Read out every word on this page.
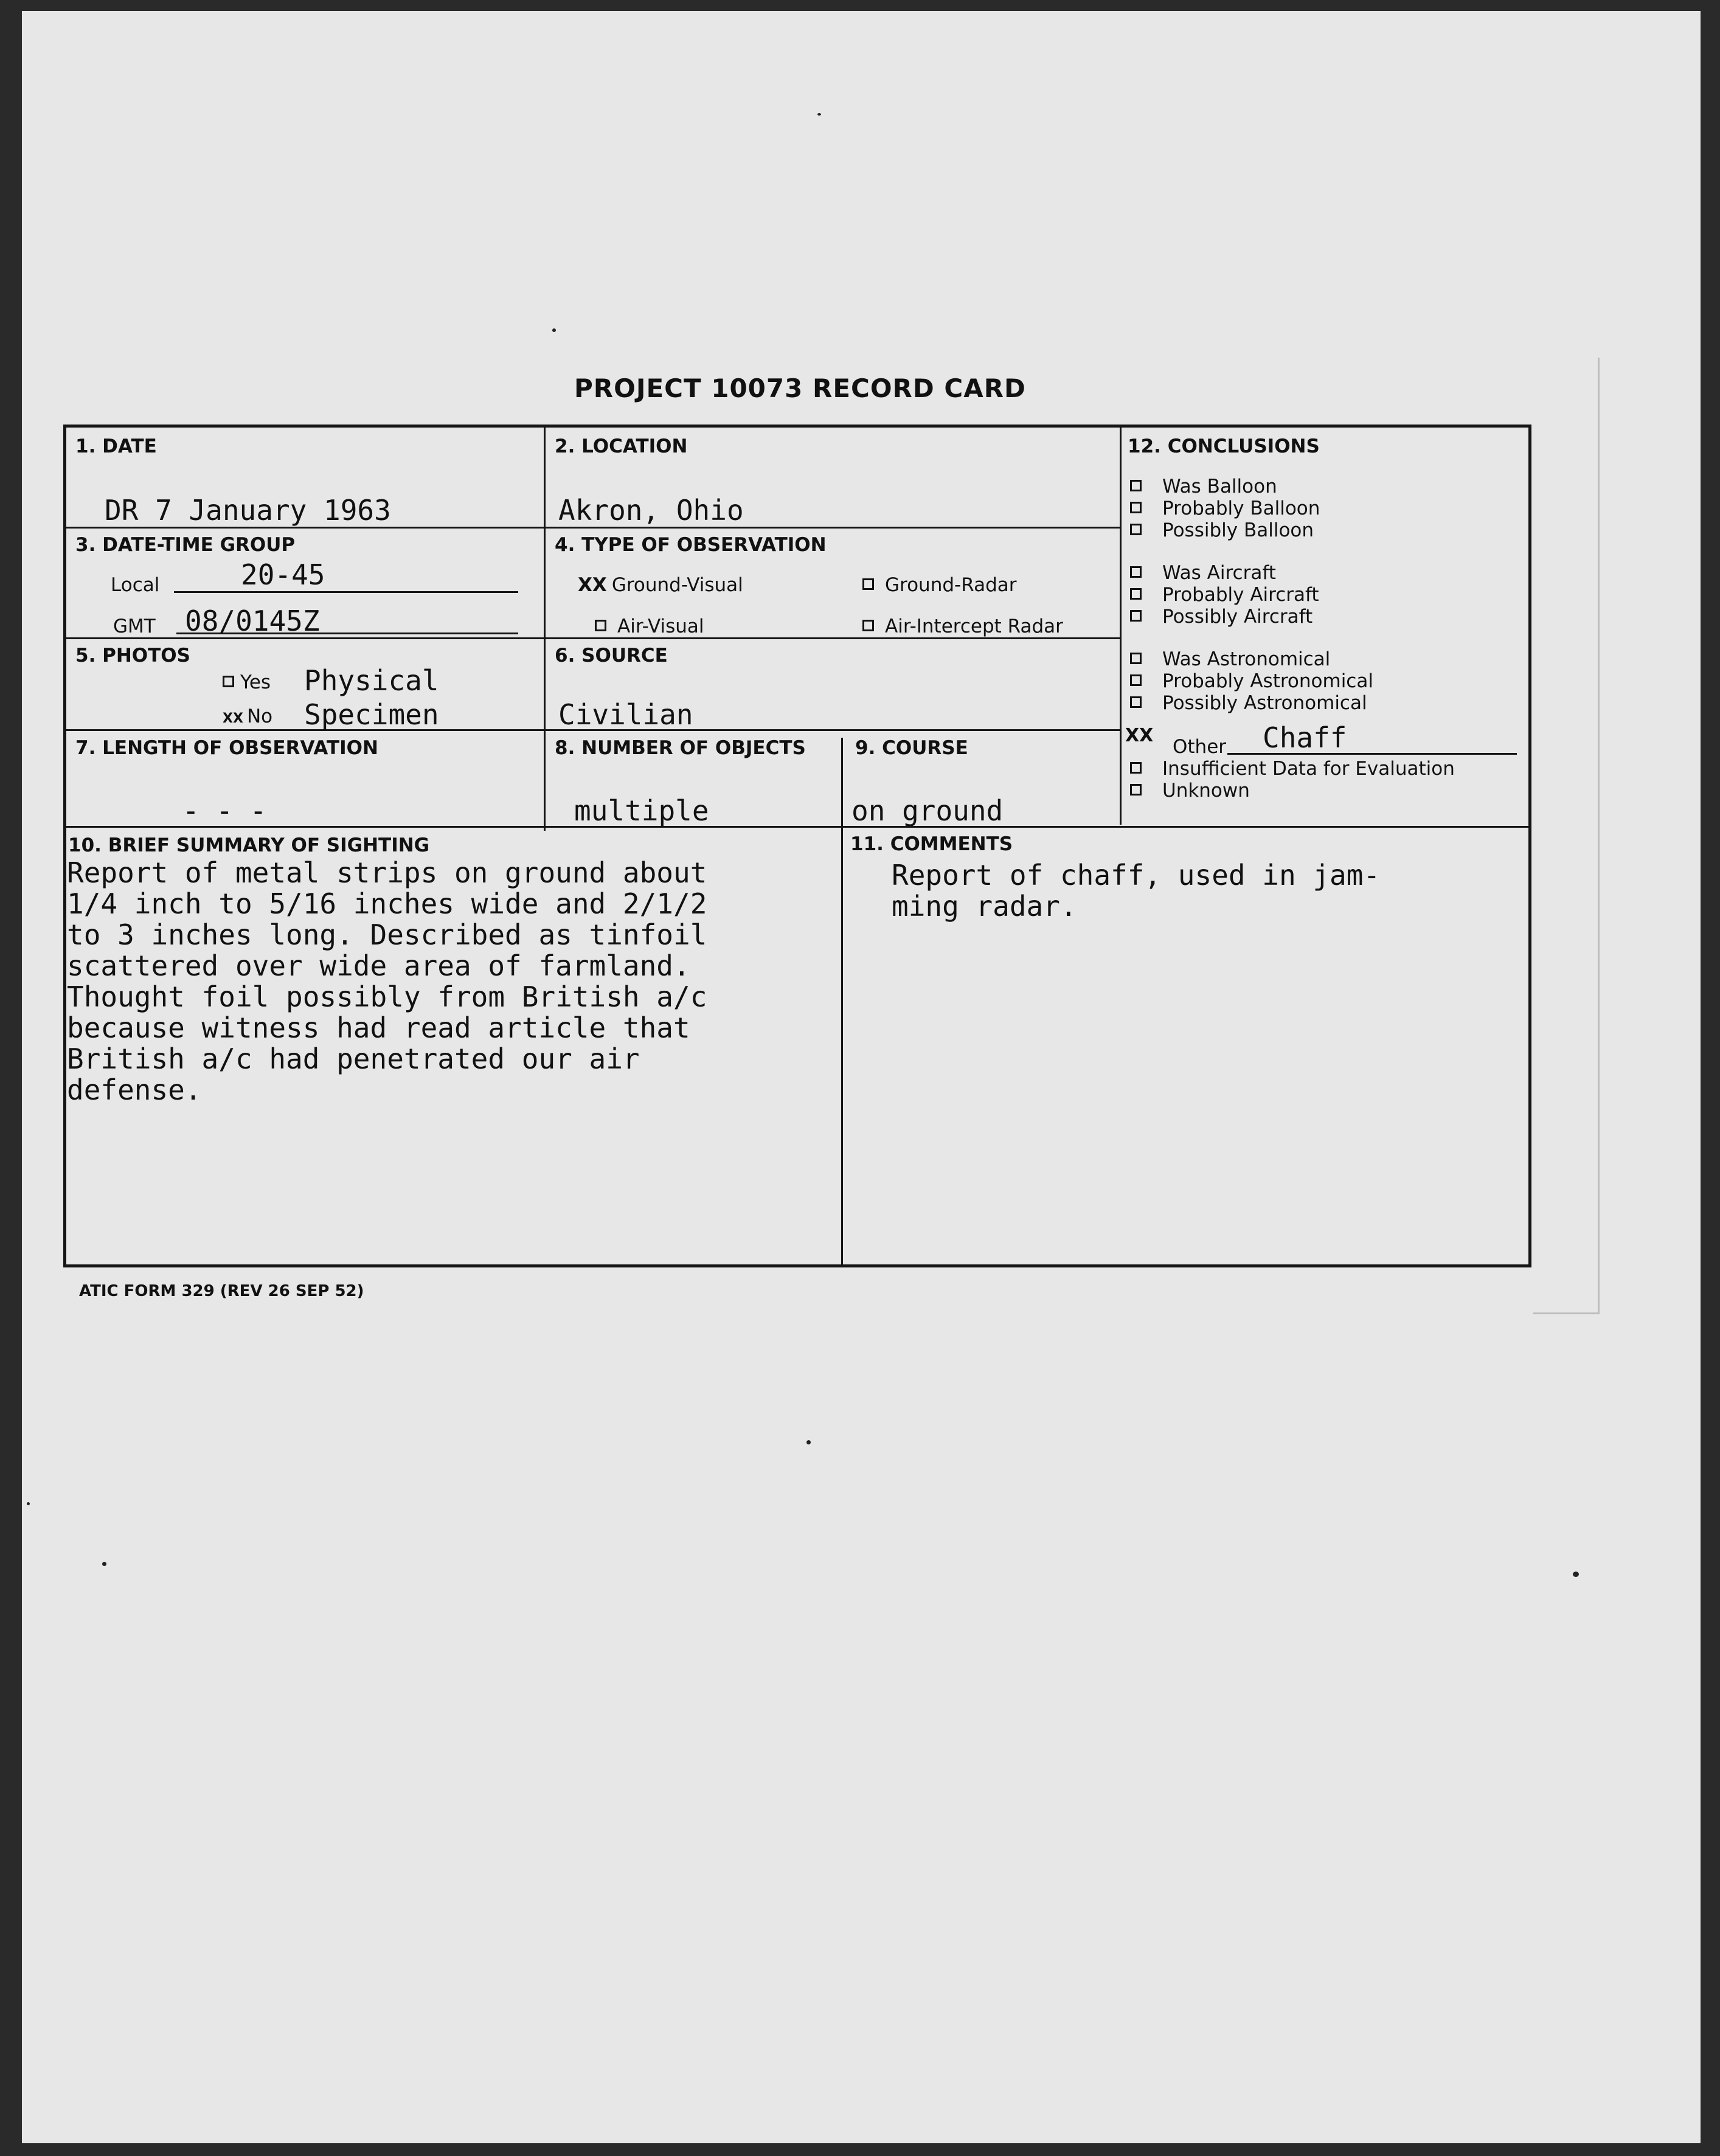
PROJECT 10073 RECORD CARD
1. DATE
DR 7 January 1963
2. LOCATION
Akron, Ohio
3. DATE-TIME GROUP
Local	20-45
GMT 08/0145Z
4. TYPE OF OBSERVATION
XX Ground-Visual	Ground-Radar
Air-Visual	Air-Intercept Radar
5. PHOTOS
Yes
XX No
Physical
Specimen
6. SOURCE
Civilian
7. LENGTH OF OBSERVATION
- - -
8. NUMBER OF OBJECTS
multiple
9. COURSE
on ground
10. BRIEF SUMMARY OF SIGHTING
Report of metal strips on ground about
1/4 inch to 5/16 inches wide and 2/1/2
to 3 inches long. Described as tinfoil
scattered over wide area of farmland.
Thought foil possibly from British a/c
because witness had read article that
British a/c had penetrated our air
defense.
11. COMMENTS
Report of chaff, used in jam-
ming radar.
12. CONCLUSIONS
Was Balloon
Probably Balloon
Possibly Balloon
Was Aircraft
Probably Aircraft
Possibly Aircraft
Was Astronomical
Probably Astronomical
Possibly Astronomical
XX
Other Chaff
Insufficient Data for Evaluation
Unknown
ATIC FORM 329 (REV 26 SEP 52)
